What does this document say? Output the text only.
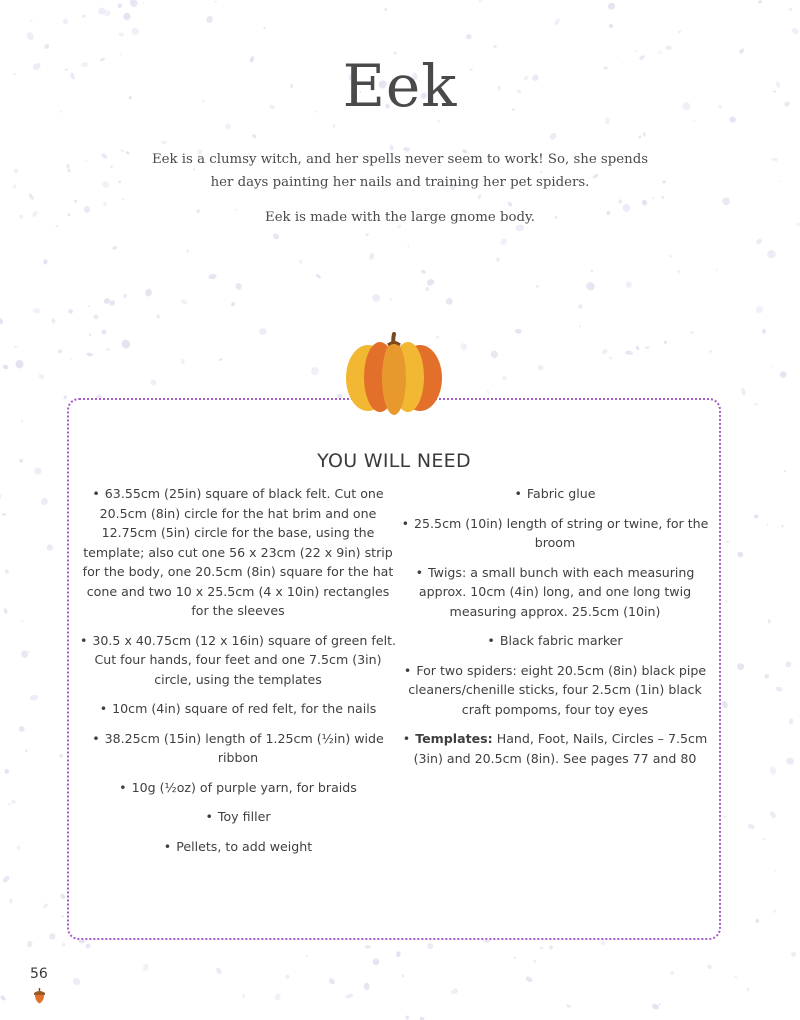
Eek

Eek is a clumsy witch, and her spells never seem to work! So, she spends her days painting her nails and training her pet spiders.

Eek is made with the large gnome body.

YOU WILL NEED
• 63.55cm (25in) square of black felt. Cut one 20.5cm (8in) circle for the hat brim and one 12.75cm (5in) circle for the base, using the template; also cut one 56 x 23cm (22 x 9in) strip for the body, one 20.5cm (8in) square for the hat cone and two 10 x 25.5cm (4 x 10in) rectangles for the sleeves
• 30.5 x 40.75cm (12 x 16in) square of green felt. Cut four hands, four feet and one 7.5cm (3in) circle, using the templates
• 10cm (4in) square of red felt, for the nails
• 38.25cm (15in) length of 1.25cm (½in) wide ribbon
• 10g (½oz) of purple yarn, for braids
• Toy filler
• Pellets, to add weight
• Fabric glue
• 25.5cm (10in) length of string or twine, for the broom
• Twigs: a small bunch with each measuring approx. 10cm (4in) long, and one long twig measuring approx. 25.5cm (10in)
• Black fabric marker
• For two spiders: eight 20.5cm (8in) black pipe cleaners/chenille sticks, four 2.5cm (1in) black craft pompoms, four toy eyes
• Templates: Hand, Foot, Nails, Circles – 7.5cm (3in) and 20.5cm (8in). See pages 77 and 80
56
